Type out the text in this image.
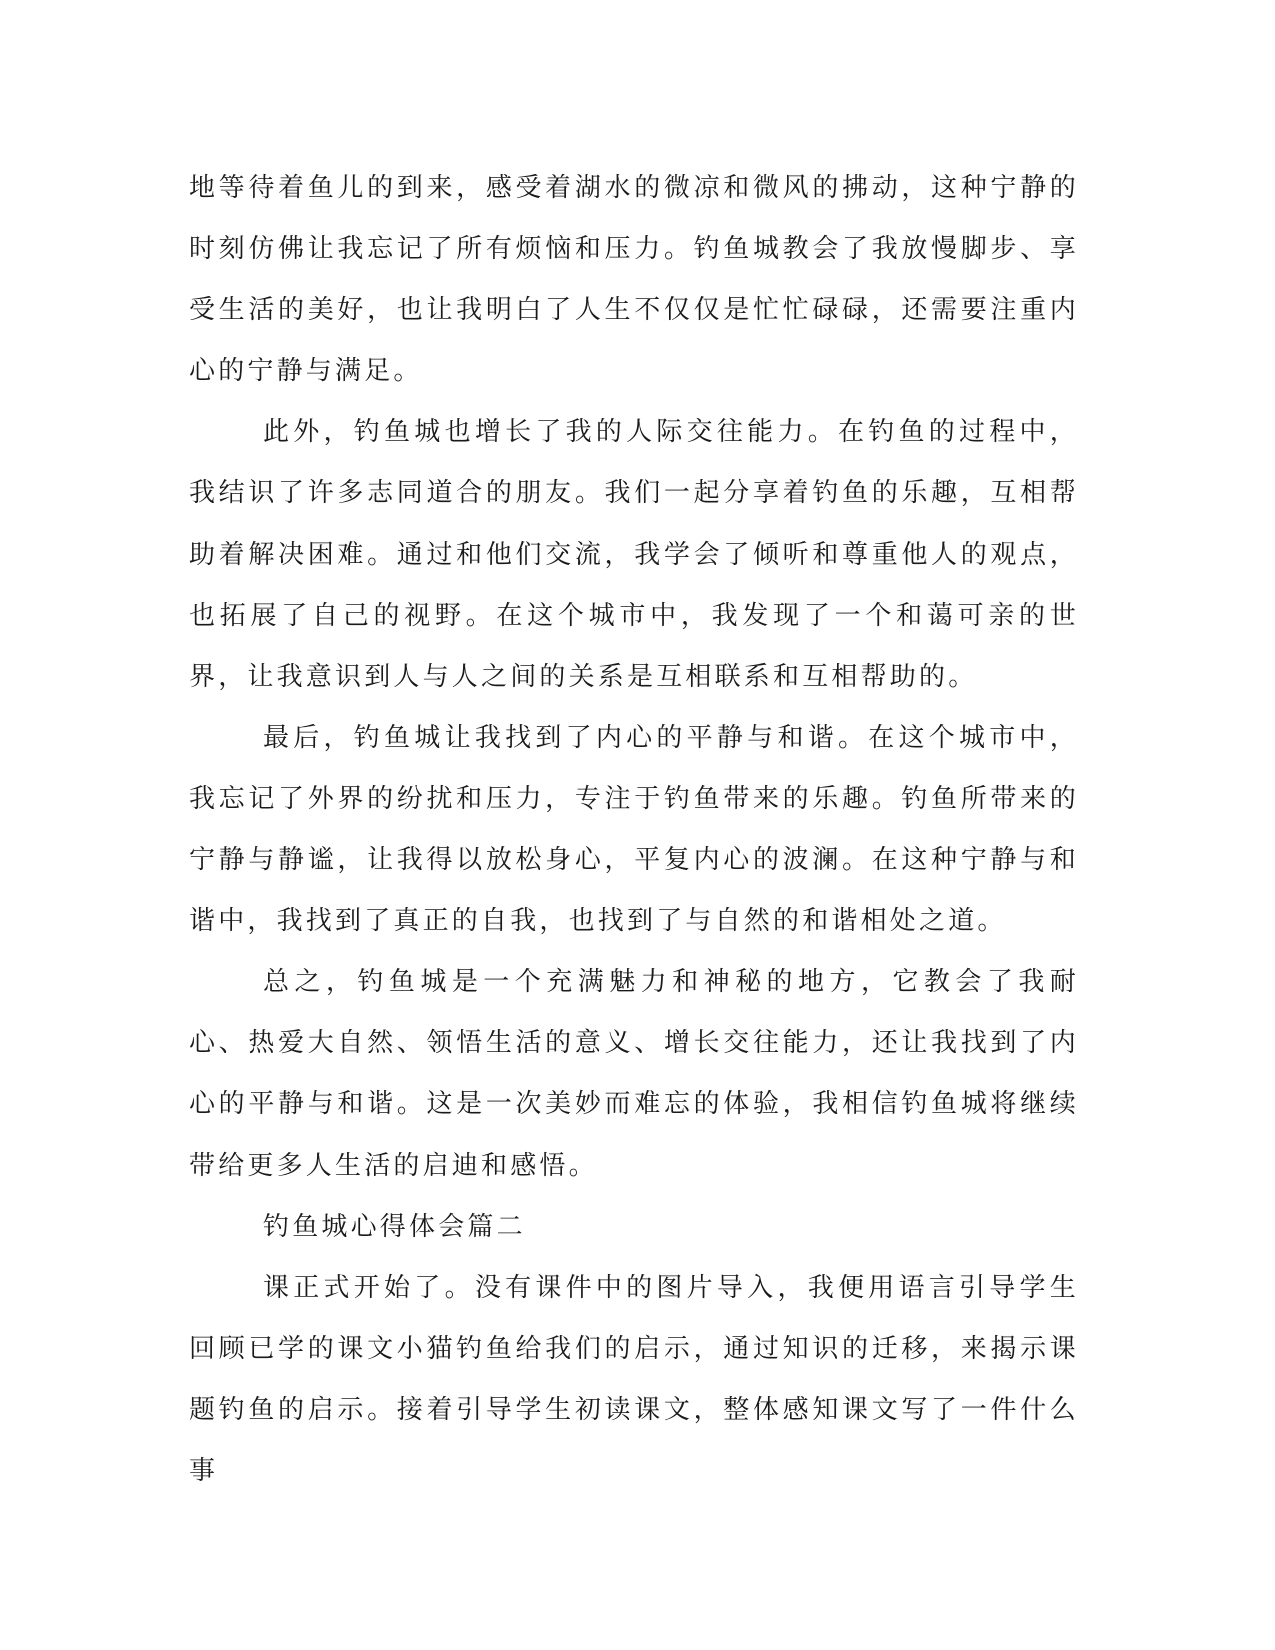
地等待着鱼儿的到来，感受着湖水的微凉和微风的拂动，这种宁静的时刻仿佛让我忘记了所有烦恼和压力。钓鱼城教会了我放慢脚步、享受生活的美好，也让我明白了人生不仅仅是忙忙碌碌，还需要注重内心的宁静与满足。

此外，钓鱼城也增长了我的人际交往能力。在钓鱼的过程中，我结识了许多志同道合的朋友。我们一起分享着钓鱼的乐趣，互相帮助着解决困难。通过和他们交流，我学会了倾听和尊重他人的观点，也拓展了自己的视野。在这个城市中，我发现了一个和蔼可亲的世界，让我意识到人与人之间的关系是互相联系和互相帮助的。

最后，钓鱼城让我找到了内心的平静与和谐。在这个城市中，我忘记了外界的纷扰和压力，专注于钓鱼带来的乐趣。钓鱼所带来的宁静与静谧，让我得以放松身心，平复内心的波澜。在这种宁静与和谐中，我找到了真正的自我，也找到了与自然的和谐相处之道。

总之，钓鱼城是一个充满魅力和神秘的地方，它教会了我耐心、热爱大自然、领悟生活的意义、增长交往能力，还让我找到了内心的平静与和谐。这是一次美妙而难忘的体验，我相信钓鱼城将继续带给更多人生活的启迪和感悟。

钓鱼城心得体会篇二

课正式开始了。没有课件中的图片导入，我便用语言引导学生回顾已学的课文小猫钓鱼给我们的启示，通过知识的迁移，来揭示课题钓鱼的启示。接着引导学生初读课文，整体感知课文写了一件什么事
